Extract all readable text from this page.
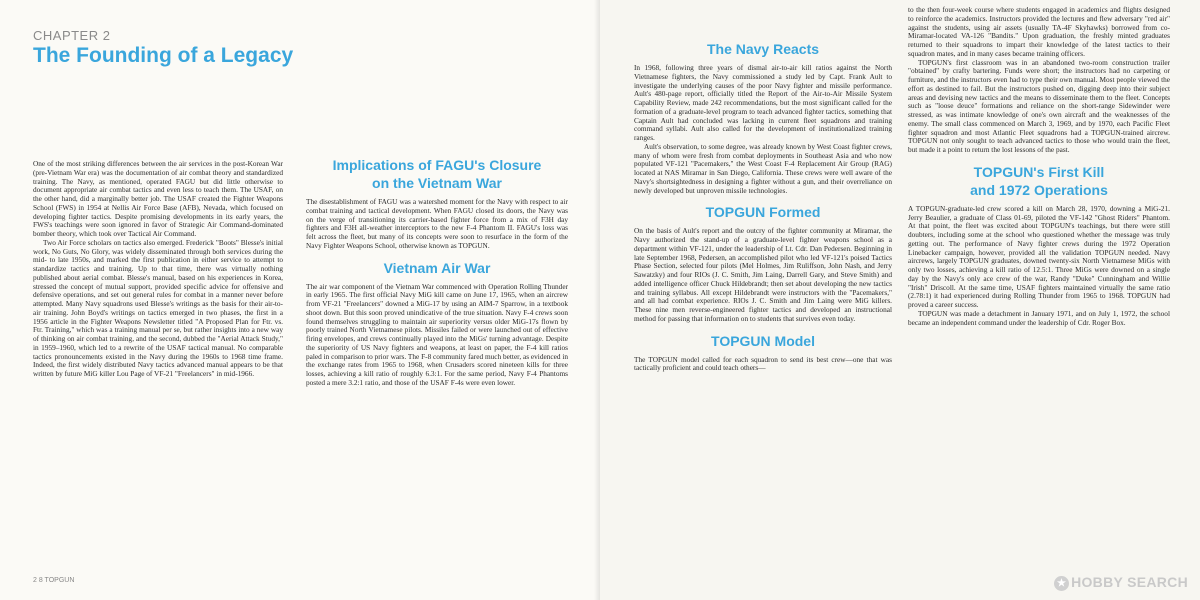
CHAPTER 2
The Founding of a Legacy

One of the most striking differences between the air services in the post-Korean War (pre-Vietnam War era) was the documentation of air combat theory and standardized training. The Navy, as mentioned, operated FAGU but did little otherwise to document appropriate air combat tactics and even less to teach them. The USAF, on the other hand, did a marginally better job. The USAF created the Fighter Weapons School (FWS) in 1954 at Nellis Air Force Base (AFB), Nevada, which focused on developing fighter tactics. Despite promising developments in its early years, the FWS's teachings were soon ignored in favor of Strategic Air Command-dominated bomber theory, which took over Tactical Air Command.

Two Air Force scholars on tactics also emerged. Frederick "Boots" Blesse's initial work, No Guts, No Glory, was widely disseminated through both services during the mid- to late 1950s, and marked the first publication in either service to attempt to standardize tactics and training. Up to that time, there was virtually nothing published about aerial combat. Blesse's manual, based on his experiences in Korea, stressed the concept of mutual support, provided specific advice for offensive and defensive operations, and set out general rules for combat in a manner never before attempted. Many Navy squadrons used Blesse's writings as the basis for their air-to-air training. John Boyd's writings on tactics emerged in two phases, the first in a 1956 article in the Fighter Weapons Newsletter titled "A Proposed Plan for Ftr. vs. Ftr. Training," which was a training manual per se, but rather insights into a new way of thinking on air combat training, and the second, dubbed the "Aerial Attack Study," in 1959–1960, which led to a rewrite of the USAF tactical manual. No comparable tactics pronouncements existed in the Navy during the 1960s to 1968 time frame. Indeed, the first widely distributed Navy tactics advanced manual appears to be that written by future MiG killer Lou Page of VF-21 "Freelancers" in mid-1966.

Implications of FAGU's Closure
on the Vietnam War

The disestablishment of FAGU was a watershed moment for the Navy with respect to air combat training and tactical development. When FAGU closed its doors, the Navy was on the verge of transitioning its carrier-based fighter force from a mix of F3H day fighters and F3H all-weather interceptors to the new F-4 Phantom II. FAGU's loss was felt across the fleet, but many of its concepts were soon to resurface in the form of the Navy Fighter Weapons School, otherwise known as TOPGUN.

Vietnam Air War

The air war component of the Vietnam War commenced with Operation Rolling Thunder in early 1965. The first official Navy MiG kill came on June 17, 1965, when an aircrew from VF-21 "Freelancers" downed a MiG-17 by using an AIM-7 Sparrow, in a textbook shoot down. But this soon proved unindicative of the true situation. Navy F-4 crews soon found themselves struggling to maintain air superiority versus older MiG-17s flown by poorly trained North Vietnamese pilots. Missiles failed or were launched out of effective firing envelopes, and crews continually played into the MiGs' turning advantage. Despite the superiority of US Navy fighters and weapons, at least on paper, the F-4 kill ratios paled in comparison to prior wars. The F-8 community fared much better, as evidenced in the exchange rates from 1965 to 1968, when Crusaders scored nineteen kills for three losses, achieving a kill ratio of roughly 6.3:1. For the same period, Navy F-4 Phantoms posted a mere 3.2:1 ratio, and those of the USAF F-4s were even lower.

2 8 TOPGUN
The Navy Reacts

In 1968, following three years of dismal air-to-air kill ratios against the North Vietnamese fighters, the Navy commissioned a study led by Capt. Frank Ault to investigate the underlying causes of the poor Navy fighter and missile performance. Ault's 480-page report, officially titled the Report of the Air-to-Air Missile System Capability Review, made 242 recommendations, but the most significant called for the formation of a graduate-level program to teach advanced fighter tactics, something that Captain Ault had concluded was lacking in current fleet squadrons and training command syllabi. Ault also called for the development of institutionalized training ranges.

Ault's observation, to some degree, was already known by West Coast fighter crews, many of whom were fresh from combat deployments in Southeast Asia and who now populated VF-121 "Pacemakers," the West Coast F-4 Replacement Air Group (RAG) located at NAS Miramar in San Diego, California. These crews were well aware of the Navy's shortsightedness in designing a fighter without a gun, and their overreliance on newly developed but unproven missile technologies.

TOPGUN Formed

On the basis of Ault's report and the outcry of the fighter community at Miramar, the Navy authorized the stand-up of a graduate-level fighter weapons school as a department within VF-121, under the leadership of Lt. Cdr. Dan Pedersen. Beginning in late September 1968, Pedersen, an accomplished pilot who led VF-121's poised Tactics Phase Section, selected four pilots (Mel Holmes, Jim Ruliffson, John Nash, and Jerry Sawatzky) and four RIOs (J. C. Smith, Jim Laing, Darrell Gary, and Steve Smith) and added intelligence officer Chuck Hildebrandt; then set about developing the new tactics and training syllabus. All except Hildebrandt were instructors with the "Pacemakers," and all had combat experience. RIOs J. C. Smith and Jim Laing were MiG killers. These nine men reverse-engineered fighter tactics and developed an instructional method for passing that information on to students that survives even today.

TOPGUN Model

The TOPGUN model called for each squadron to send its best crew—one that was tactically proficient and could teach others—

to the then four-week course where students engaged in academics and flights designed to reinforce the academics. Instructors provided the lectures and flew adversary "red air" against the students, using air assets (usually TA-4F Skyhawks) borrowed from co-Miramar-located VA-126 "Bandits." Upon graduation, the freshly minted graduates returned to their squadrons to impart their knowledge of the latest tactics to their squadron mates, and in many cases became training officers.

TOPGUN's first classroom was in an abandoned two-room construction trailer "obtained" by crafty bartering. Funds were short; the instructors had no carpeting or furniture, and the instructors even had to type their own manual. Most people viewed the effort as destined to fail. But the instructors pushed on, digging deep into their subject areas and devising new tactics and the means to disseminate them to the fleet. Concepts such as "loose deuce" formations and reliance on the short-range Sidewinder were stressed, as was intimate knowledge of one's own aircraft and the weaknesses of the enemy. The small class commenced on March 3, 1969, and by 1970, each Pacific Fleet fighter squadron and most Atlantic Fleet squadrons had a TOPGUN-trained aircrew. TOPGUN not only sought to teach advanced tactics to those who would train the fleet, but made it a point to return the lost lessons of the past.

TOPGUN's First Kill
and 1972 Operations

A TOPGUN-graduate-led crew scored a kill on March 28, 1970, downing a MiG-21. Jerry Beaulier, a graduate of Class 01-69, piloted the VF-142 "Ghost Riders" Phantom. At that point, the fleet was excited about TOPGUN's teachings, but there were still doubters, including some at the school who questioned whether the message was truly getting out. The performance of Navy fighter crews during the 1972 Operation Linebacker campaign, however, provided all the validation TOPGUN needed. Navy aircrews, largely TOPGUN graduates, downed twenty-six North Vietnamese MiGs with only two losses, achieving a kill ratio of 12.5:1. Three MiGs were downed on a single day by the Navy's only ace crew of the war, Randy "Duke" Cunningham and Willie "Irish" Driscoll. At the same time, USAF fighters maintained virtually the same ratio (2.78:1) it had experienced during Rolling Thunder from 1965 to 1968. TOPGUN had proved a career success.

TOPGUN was made a detachment in January 1971, and on July 1, 1972, the school became an independent command under the leadership of Cdr. Roger Box.

★ HOBBY SEARCH
